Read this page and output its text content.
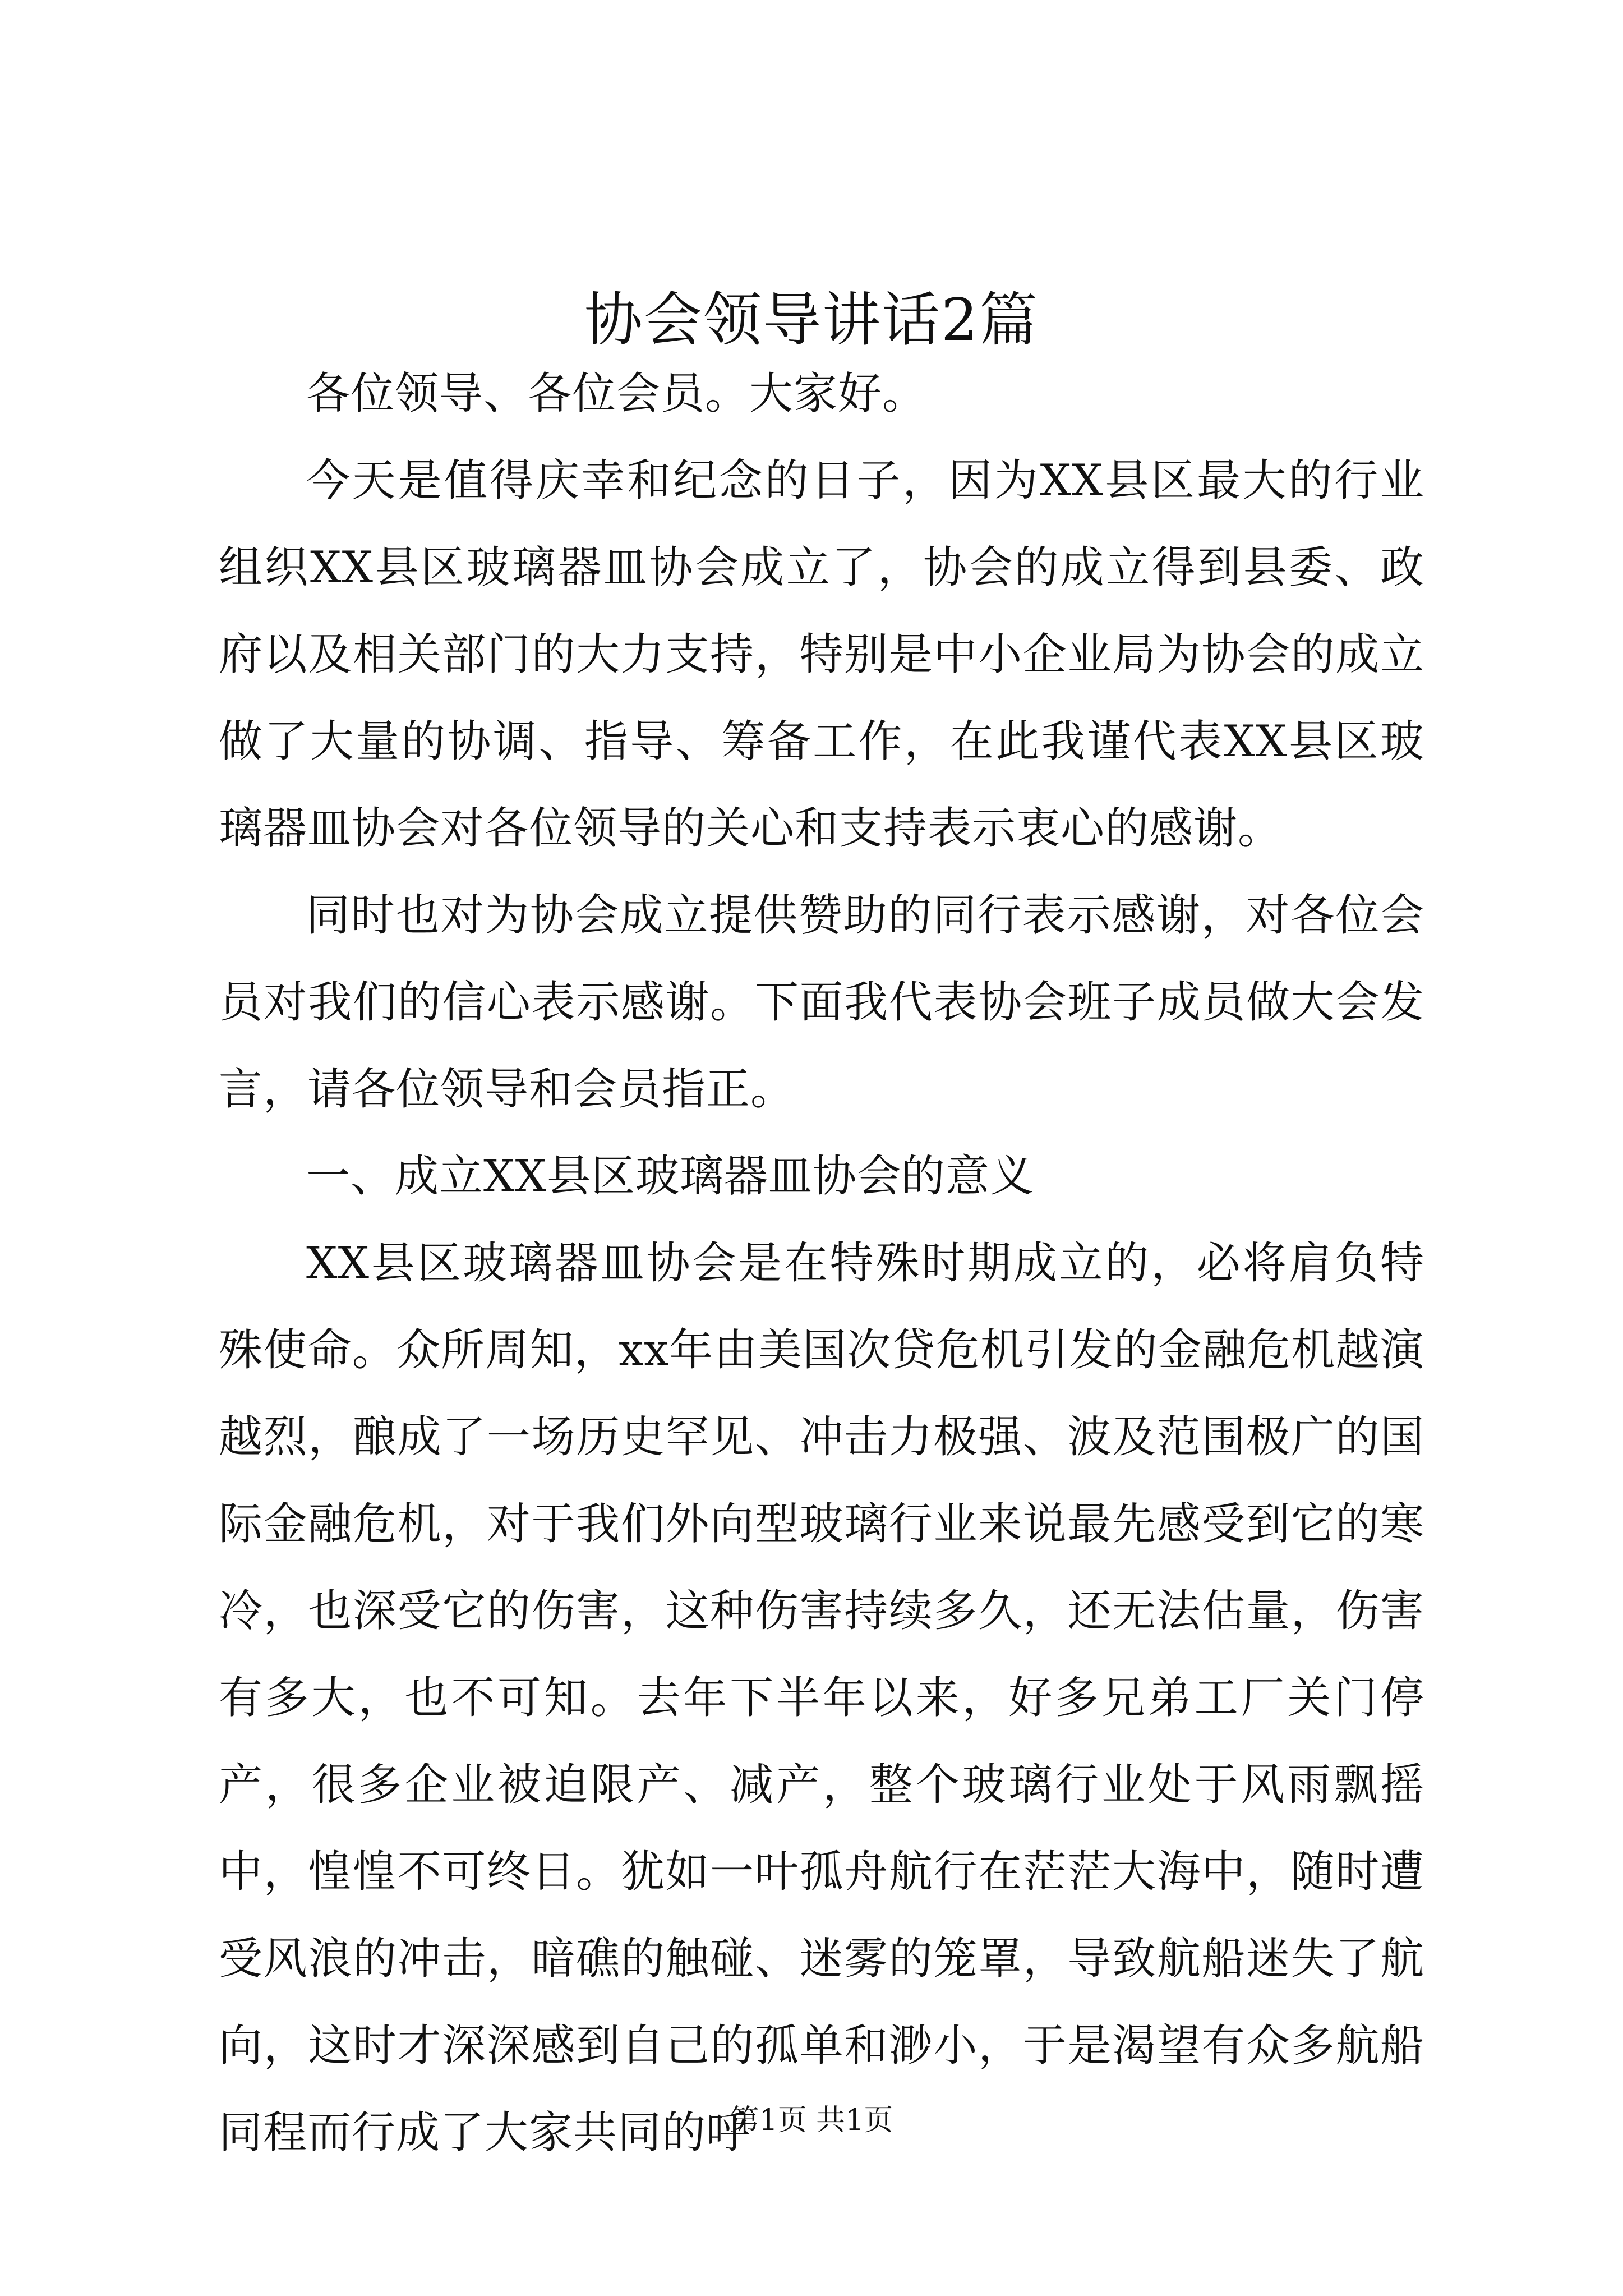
协会领导讲话2篇

各位领导、各位会员。大家好。

今天是值得庆幸和纪念的日子，因为XX县区最大的行业组织XX县区玻璃器皿协会成立了，协会的成立得到县委、政府以及相关部门的大力支持，特别是中小企业局为协会的成立做了大量的协调、指导、筹备工作，在此我谨代表XX县区玻璃器皿协会对各位领导的关心和支持表示衷心的感谢。

同时也对为协会成立提供赞助的同行表示感谢，对各位会员对我们的信心表示感谢。下面我代表协会班子成员做大会发言，请各位领导和会员指正。

一、成立XX县区玻璃器皿协会的意义

XX县区玻璃器皿协会是在特殊时期成立的，必将肩负特殊使命。众所周知，xx年由美国次贷危机引发的金融危机越演越烈，酿成了一场历史罕见、冲击力极强、波及范围极广的国际金融危机，对于我们外向型玻璃行业来说最先感受到它的寒冷，也深受它的伤害，这种伤害持续多久，还无法估量，伤害有多大，也不可知。去年下半年以来，好多兄弟工厂关门停产，很多企业被迫限产、减产，整个玻璃行业处于风雨飘摇中，惶惶不可终日。犹如一叶孤舟航行在茫茫大海中，随时遭受风浪的冲击，暗礁的触碰、迷雾的笼罩，导致航船迷失了航向，这时才深深感到自己的孤单和渺小，于是渴望有众多航船同程而行成了大家共同的呼

第1页 共1页
